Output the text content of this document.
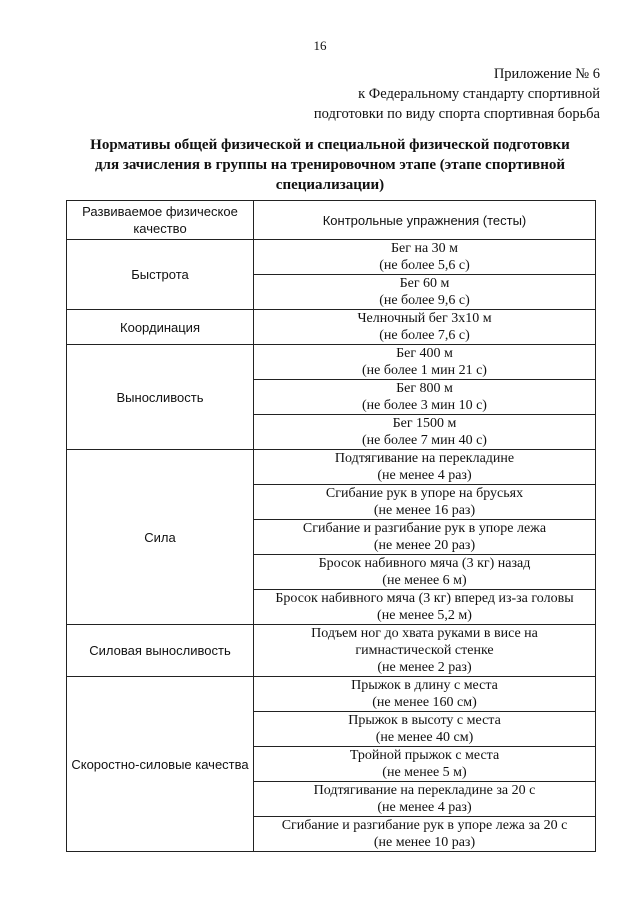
16
Приложение № 6
к Федеральному стандарту спортивной
подготовки по виду спорта спортивная борьба
Нормативы общей физической и специальной физической подготовки
для зачисления в группы на тренировочном этапе (этапе спортивной
специализации)
Развиваемое физическое качество	Контрольные упражнения (тесты)
Быстрота	Бег на 30 м
(не более 5,6 с)

	Бег 60 м
(не более 9,6 с)

Координация	Челночный бег 3х10 м
(не более 7,6 с)

Выносливость	Бег 400 м
(не более 1 мин 21 с)

	Бег 800 м
(не более 3 мин 10 с)

	Бег 1500 м
(не более 7 мин 40 с)

Сила	Подтягивание на перекладине
(не менее 4 раз)

	Сгибание рук в упоре на брусьях
(не менее 16 раз)

	Сгибание и разгибание рук в упоре лежа
(не менее 20 раз)

	Бросок набивного мяча (3 кг) назад
(не менее 6 м)

	Бросок набивного мяча (3 кг) вперед из-за головы
(не менее 5,2 м)

Силовая выносливость	Подъем ног до хвата руками в висе на
гимнастической стенке
(не менее 2 раз)

Скоростно-силовые качества	Прыжок в длину с места
(не менее 160 см)

	Прыжок в высоту с места
(не менее 40 см)

	Тройной прыжок с места
(не менее 5 м)

	Подтягивание на перекладине за 20 с
(не менее 4 раз)

	Сгибание и разгибание рук в упоре лежа за 20 с
(не менее 10 раз)
